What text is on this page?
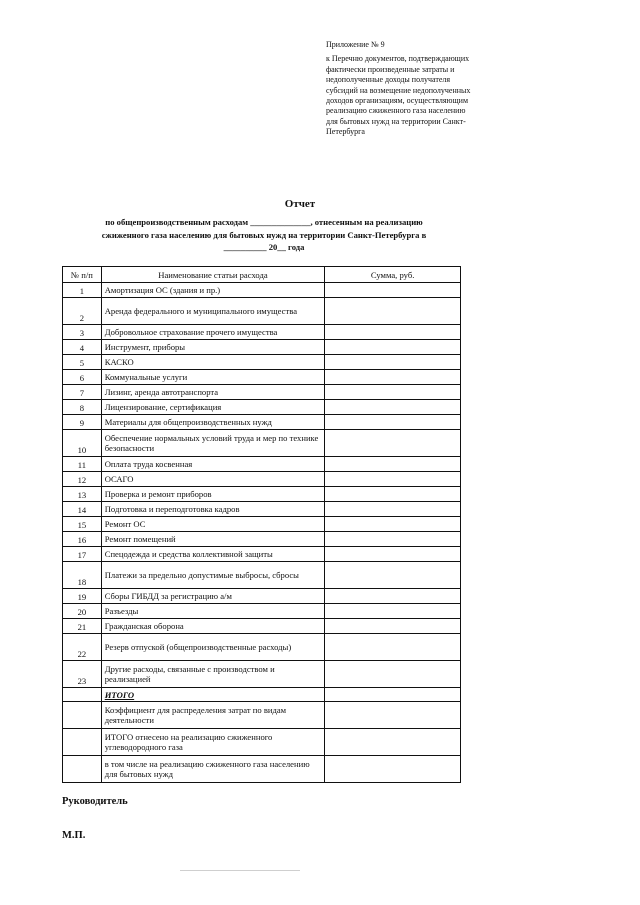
Приложение № 9
к Перечню документов, подтверждающих фактически произведенные затраты и недополученные доходы получателя субсидий на возмещение недополученных доходов организациям, осуществляющим реализацию сжиженного газа населению для бытовых нужд на территории Санкт-Петербурга
Отчет
по общепроизводственным расходам ______________, отнесенным на реализацию
сжиженного газа населению для бытовых нужд на территории Санкт-Петербурга в
__________ 20__ года
№ п/п	Наименование статьи расхода	Сумма, руб.
1	Амортизация ОС (здания и пр.)	
2	Аренда федерального и муниципального имущества	
3	Добровольное страхование прочего имущества	
4	Инструмент, приборы	
5	КАСКО	
6	Коммунальные услуги	
7	Лизинг, аренда автотранспорта	
8	Лицензирование, сертификация	
9	Материалы для общепроизводственных нужд	
10	Обеспечение нормальных условий труда и мер по технике безопасности	
11	Оплата труда косвенная	
12	ОСАГО	
13	Проверка и ремонт приборов	
14	Подготовка и переподготовка кадров	
15	Ремонт ОС	
16	Ремонт помещений	
17	Спецодежда и средства коллективной защиты	
18	Платежи за предельно допустимые выбросы, сбросы	
19	Сборы ГИБДД за регистрацию а/м	
20	Разъезды	
21	Гражданская оборона	
22	Резерв отпуской (общепроизводственные расходы)	
23	Другие расходы, связанные с производством и реализацией	
	ИТОГО	
	Коэффициент для распределения затрат по видам деятельности	
	ИТОГО отнесено на реализацию сжиженного углеводородного газа	
	в том числе на реализацию сжиженного газа населению для бытовых нужд	
Руководитель
М.П.
